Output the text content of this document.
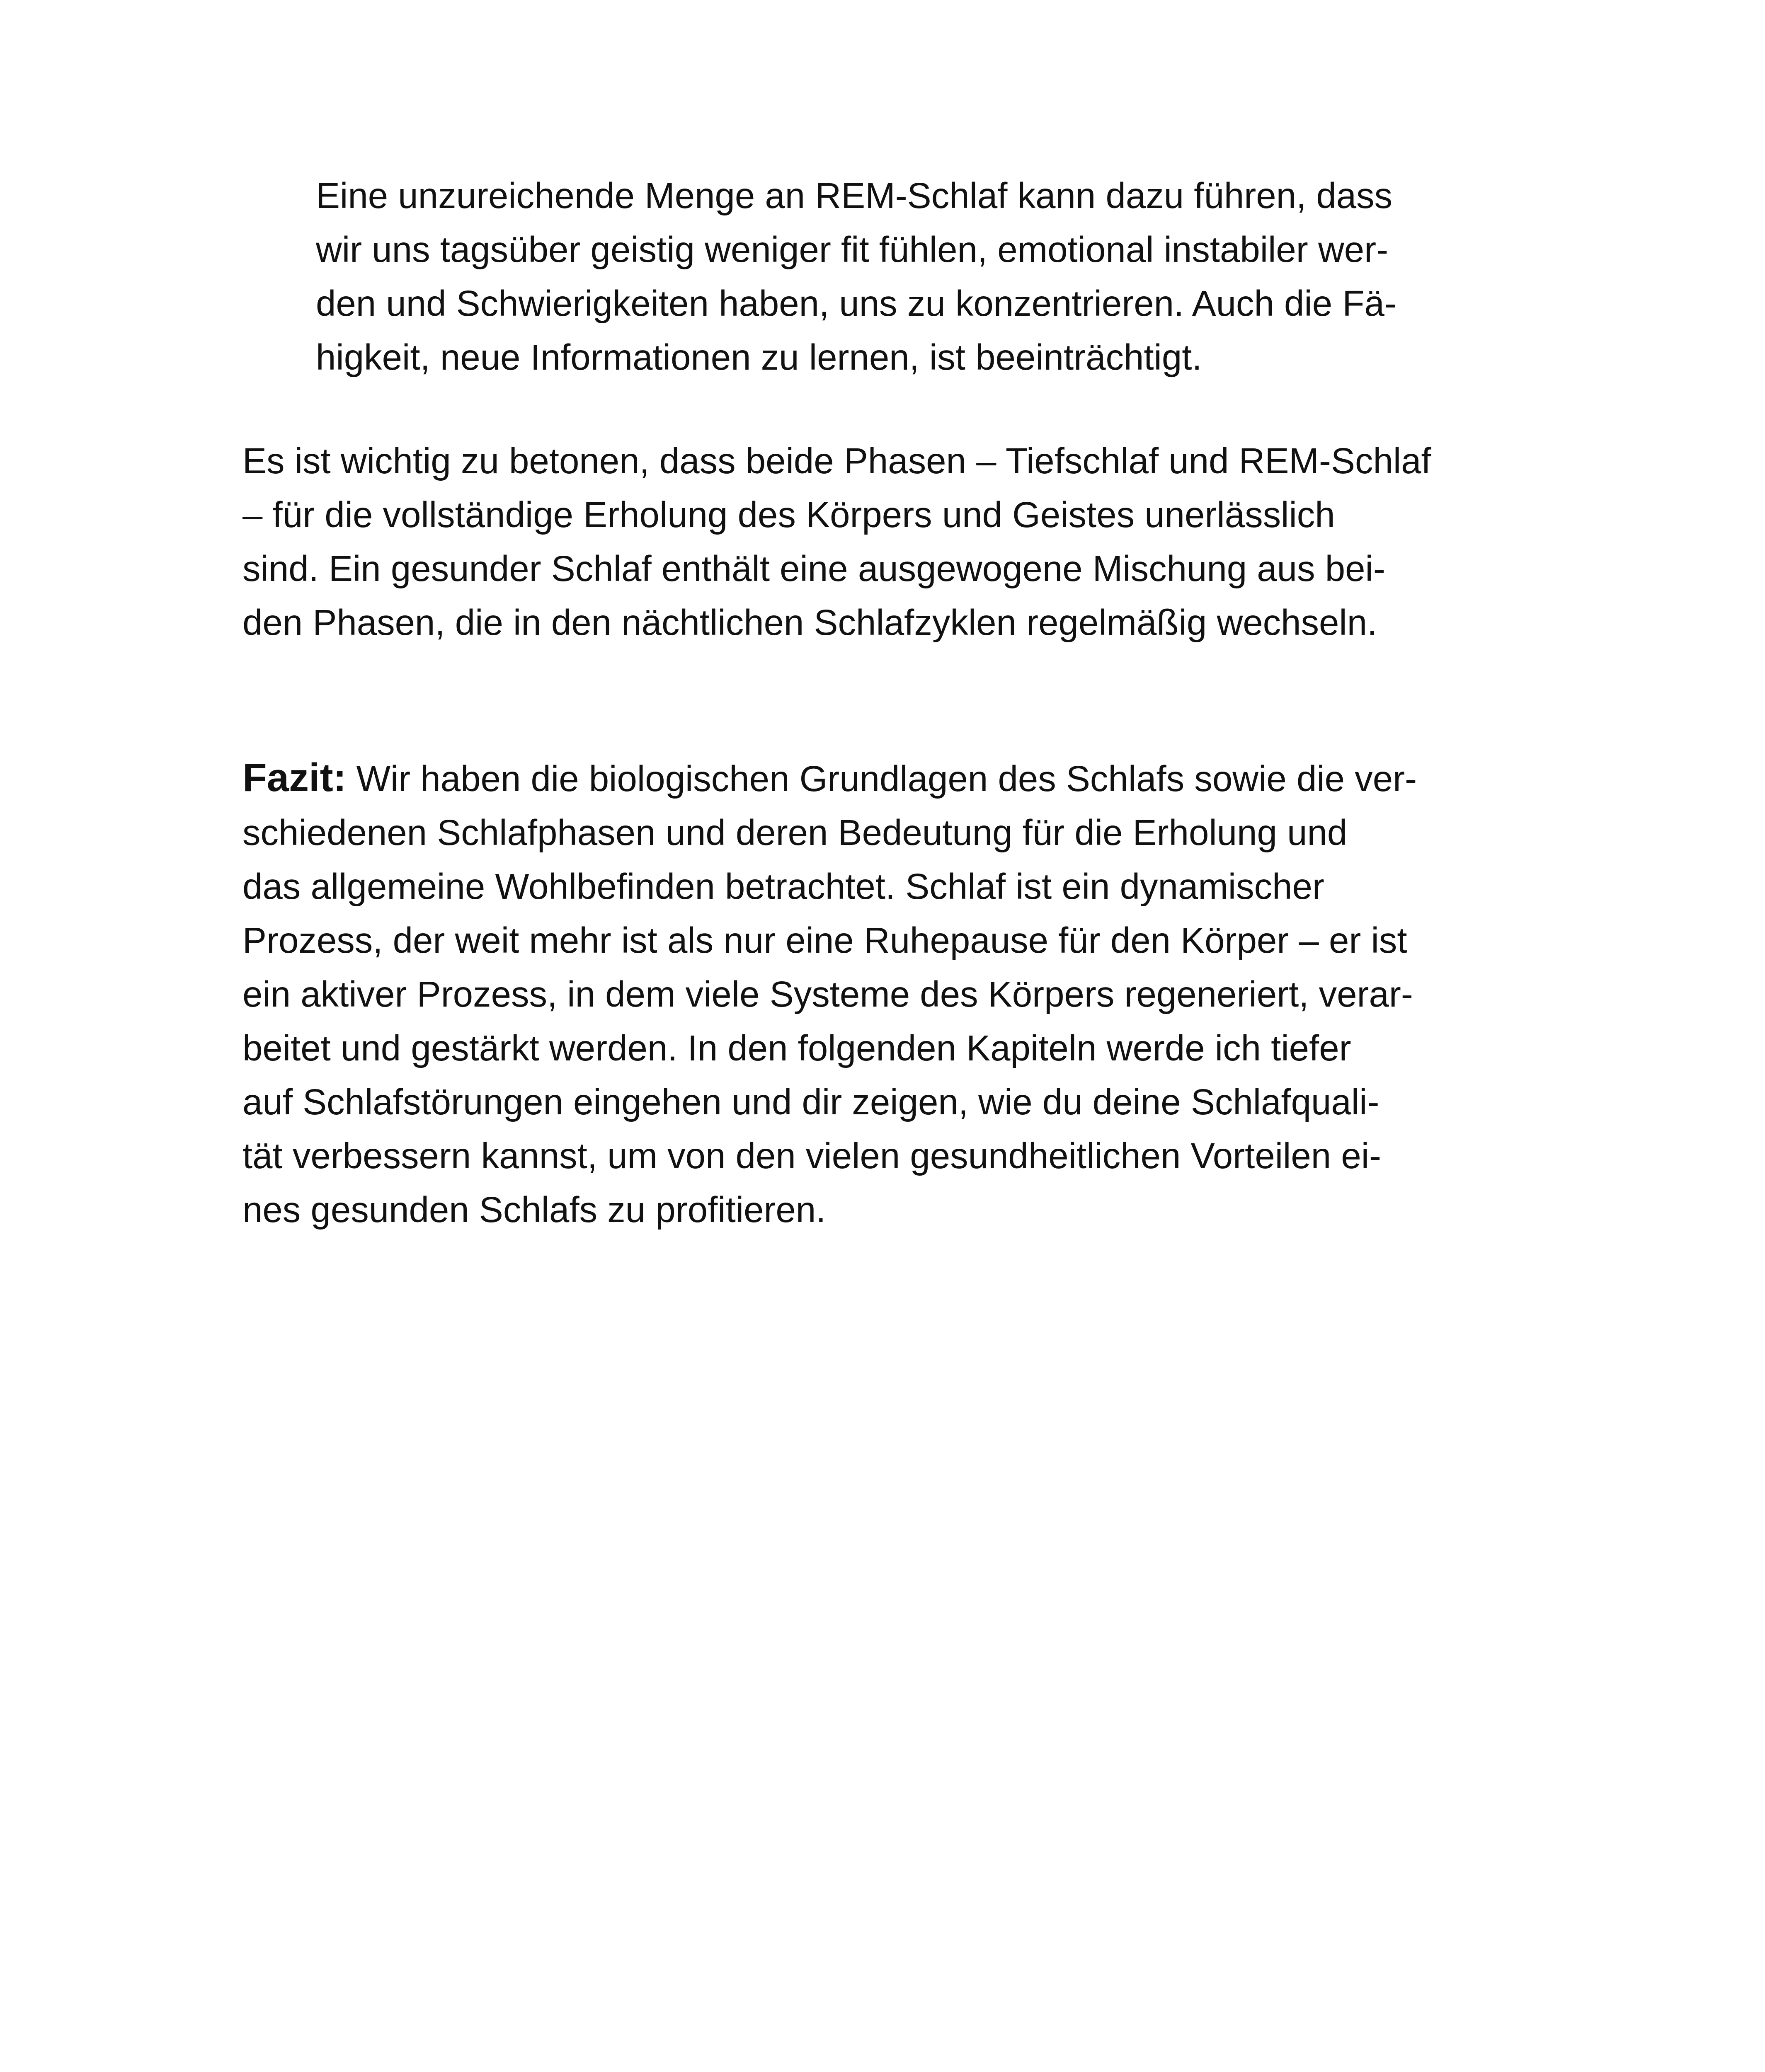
Eine unzureichende Menge an REM-Schlaf kann dazu führen, dass
wir uns tagsüber geistig weniger fit fühlen, emotional instabiler wer-
den und Schwierigkeiten haben, uns zu konzentrieren. Auch die Fä-
higkeit, neue Informationen zu lernen, ist beeinträchtigt.
Es ist wichtig zu betonen, dass beide Phasen – Tiefschlaf und REM-Schlaf
– für die vollständige Erholung des Körpers und Geistes unerlässlich
sind. Ein gesunder Schlaf enthält eine ausgewogene Mischung aus bei-
den Phasen, die in den nächtlichen Schlafzyklen regelmäßig wechseln.
Fazit: Wir haben die biologischen Grundlagen des Schlafs sowie die ver-
schiedenen Schlafphasen und deren Bedeutung für die Erholung und
das allgemeine Wohlbefinden betrachtet. Schlaf ist ein dynamischer
Prozess, der weit mehr ist als nur eine Ruhepause für den Körper – er ist
ein aktiver Prozess, in dem viele Systeme des Körpers regeneriert, verar-
beitet und gestärkt werden. In den folgenden Kapiteln werde ich tiefer
auf Schlafstörungen eingehen und dir zeigen, wie du deine Schlafquali-
tät verbessern kannst, um von den vielen gesundheitlichen Vorteilen ei-
nes gesunden Schlafs zu profitieren.
